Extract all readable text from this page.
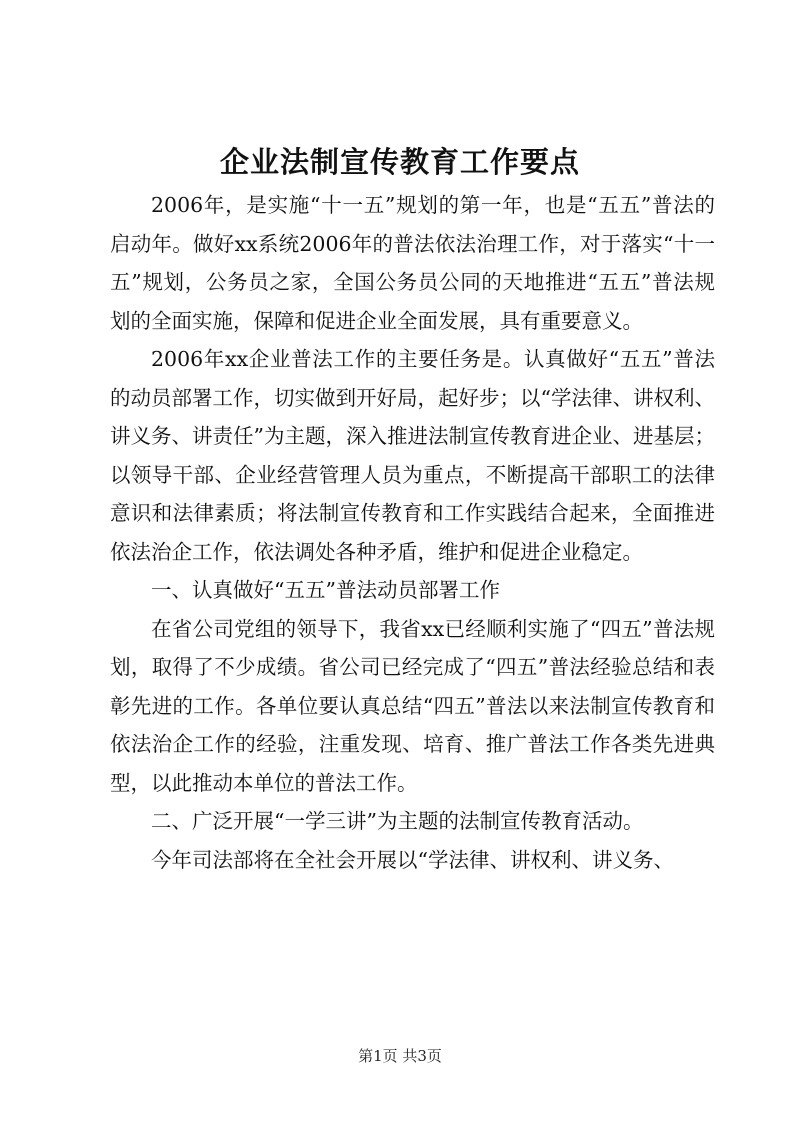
企业法制宣传教育工作要点

2006年，是实施“十一五”规划的第一年，也是“五五”普法的启动年。做好xx系统2006年的普法依法治理工作，对于落实“十一五”规划，公务员之家，全国公务员公同的天地推进“五五”普法规划的全面实施，保障和促进企业全面发展，具有重要意义。

2006年xx企业普法工作的主要任务是。认真做好“五五”普法的动员部署工作，切实做到开好局，起好步；以“学法律、讲权利、讲义务、讲责任”为主题，深入推进法制宣传教育进企业、进基层；以领导干部、企业经营管理人员为重点，不断提高干部职工的法律意识和法律素质；将法制宣传教育和工作实践结合起来，全面推进依法治企工作，依法调处各种矛盾，维护和促进企业稳定。

一、认真做好“五五”普法动员部署工作

在省公司党组的领导下，我省xx已经顺利实施了“四五”普法规划，取得了不少成绩。省公司已经完成了“四五”普法经验总结和表彰先进的工作。各单位要认真总结“四五”普法以来法制宣传教育和依法治企工作的经验，注重发现、培育、推广普法工作各类先进典型，以此推动本单位的普法工作。

二、广泛开展“一学三讲”为主题的法制宣传教育活动。

今年司法部将在全社会开展以“学法律、讲权利、讲义务、

第1页 共3页
